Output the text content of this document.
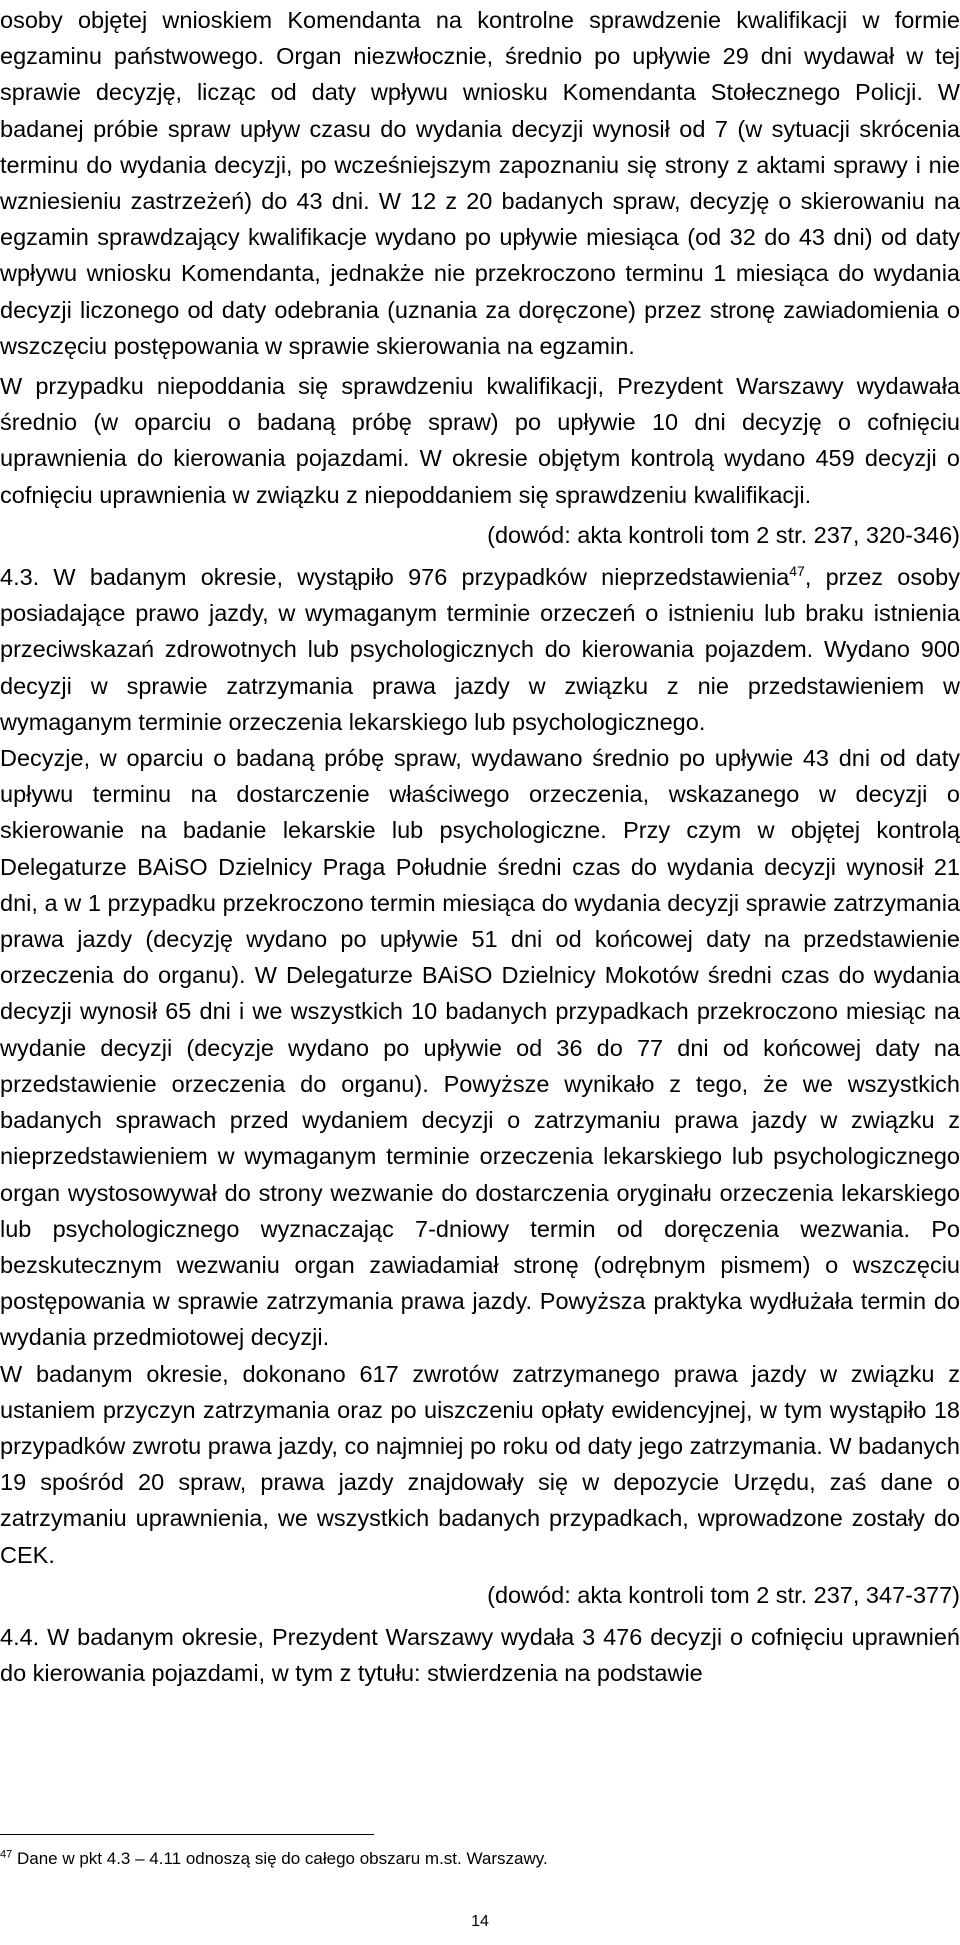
osoby objętej wnioskiem Komendanta na kontrolne sprawdzenie kwalifikacji w formie egzaminu państwowego. Organ niezwłocznie, średnio po upływie 29 dni wydawał w tej sprawie decyzję, licząc od daty wpływu wniosku Komendanta Stołecznego Policji. W badanej próbie spraw upływ czasu do wydania decyzji wynosił od 7 (w sytuacji skrócenia terminu do wydania decyzji, po wcześniejszym zapoznaniu się strony z aktami sprawy i nie wzniesieniu zastrzeżeń) do 43 dni. W 12 z 20 badanych spraw, decyzję o skierowaniu na egzamin sprawdzający kwalifikacje wydano po upływie miesiąca (od 32 do 43 dni) od daty wpływu wniosku Komendanta, jednakże nie przekroczono terminu 1 miesiąca do wydania decyzji liczonego od daty odebrania (uznania za doręczone) przez stronę zawiadomienia o wszczęciu postępowania w sprawie skierowania na egzamin.

W przypadku niepoddania się sprawdzeniu kwalifikacji, Prezydent Warszawy wydawała średnio (w oparciu o badaną próbę spraw) po upływie 10 dni decyzję o cofnięciu uprawnienia do kierowania pojazdami. W okresie objętym kontrolą wydano 459 decyzji o cofnięciu uprawnienia w związku z niepoddaniem się sprawdzeniu kwalifikacji.

(dowód: akta kontroli tom 2 str. 237, 320-346)

4.3. W badanym okresie, wystąpiło 976 przypadków nieprzedstawienia$^{47}$, przez osoby posiadające prawo jazdy, w wymaganym terminie orzeczeń o istnieniu lub braku istnienia przeciwskazań zdrowotnych lub psychologicznych do kierowania pojazdem. Wydano 900 decyzji w sprawie zatrzymania prawa jazdy w związku z nie przedstawieniem w wymaganym terminie orzeczenia lekarskiego lub psychologicznego.

Decyzje, w oparciu o badaną próbę spraw, wydawano średnio po upływie 43 dni od daty upływu terminu na dostarczenie właściwego orzeczenia, wskazanego w decyzji o skierowanie na badanie lekarskie lub psychologiczne. Przy czym w objętej kontrolą Delegaturze BAiSO Dzielnicy Praga Południe średni czas do wydania decyzji wynosił 21 dni, a w 1 przypadku przekroczono termin miesiąca do wydania decyzji sprawie zatrzymania prawa jazdy (decyzję wydano po upływie 51 dni od końcowej daty na przedstawienie orzeczenia do organu). W Delegaturze BAiSO Dzielnicy Mokotów średni czas do wydania decyzji wynosił 65 dni i we wszystkich 10 badanych przypadkach przekroczono miesiąc na wydanie decyzji (decyzje wydano po upływie od 36 do 77 dni od końcowej daty na przedstawienie orzeczenia do organu). Powyższe wynikało z tego, że we wszystkich badanych sprawach przed wydaniem decyzji o zatrzymaniu prawa jazdy w związku z nieprzedstawieniem w wymaganym terminie orzeczenia lekarskiego lub psychologicznego organ wystosowywał do strony wezwanie do dostarczenia oryginału orzeczenia lekarskiego lub psychologicznego wyznaczając 7-dniowy termin od doręczenia wezwania. Po bezskutecznym wezwaniu organ zawiadamiał stronę (odrębnym pismem) o wszczęciu postępowania w sprawie zatrzymania prawa jazdy. Powyższa praktyka wydłużała termin do wydania przedmiotowej decyzji.

W badanym okresie, dokonano 617 zwrotów zatrzymanego prawa jazdy w związku z ustaniem przyczyn zatrzymania oraz po uiszczeniu opłaty ewidencyjnej, w tym wystąpiło 18 przypadków zwrotu prawa jazdy, co najmniej po roku od daty jego zatrzymania. W badanych 19 spośród 20 spraw, prawa jazdy znajdowały się w depozycie Urzędu, zaś dane o zatrzymaniu uprawnienia, we wszystkich badanych przypadkach, wprowadzone zostały do CEK.

(dowód: akta kontroli tom 2 str. 237, 347-377)

4.4. W badanym okresie, Prezydent Warszawy wydała 3 476 decyzji o cofnięciu uprawnień do kierowania pojazdami, w tym z tytułu: stwierdzenia na podstawie

$^{47}$ Dane w pkt 4.3 – 4.11 odnoszą się do całego obszaru m.st. Warszawy.
14
